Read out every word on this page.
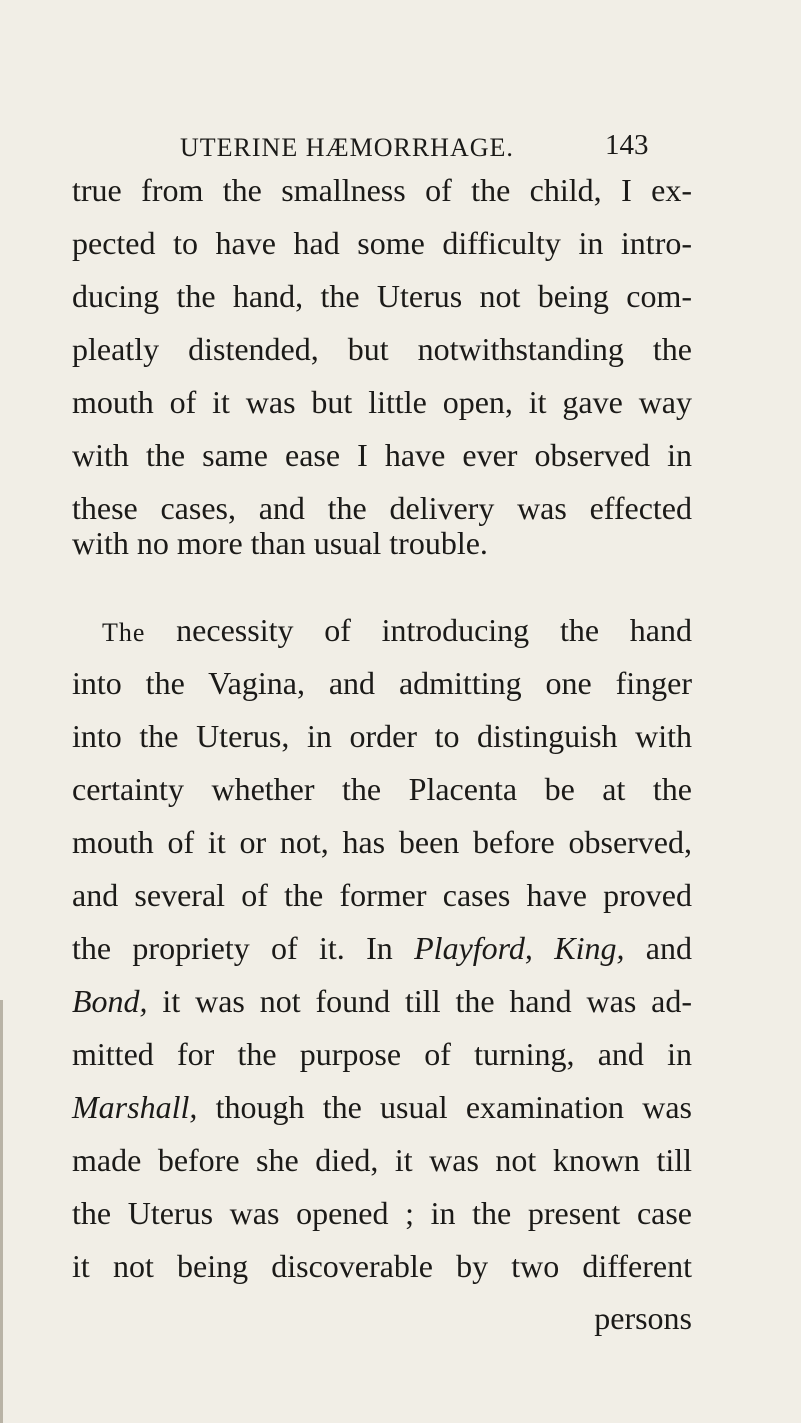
UTERINE HÆMORRHAGE.	143
true from the smallness of the child, I ex-
pected to have had some difficulty in intro-
ducing the hand, the Uterus not being com-
pleatly distended, but notwithstanding the
mouth of it was but little open, it gave way
with the same ease I have ever observed in
these cases, and the delivery was effected
with no more than usual trouble.
The necessity of introducing the hand
into the Vagina, and admitting one finger
into the Uterus, in order to distinguish with
certainty whether the Placenta be at the
mouth of it or not, has been before observed,
and several of the former cases have proved
the propriety of it. In Playford, King, and
Bond, it was not found till the hand was ad-
mitted for the purpose of turning, and in
Marshall, though the usual examination was
made before she died, it was not known till
the Uterus was opened ; in the present case
it not being discoverable by two different
persons
